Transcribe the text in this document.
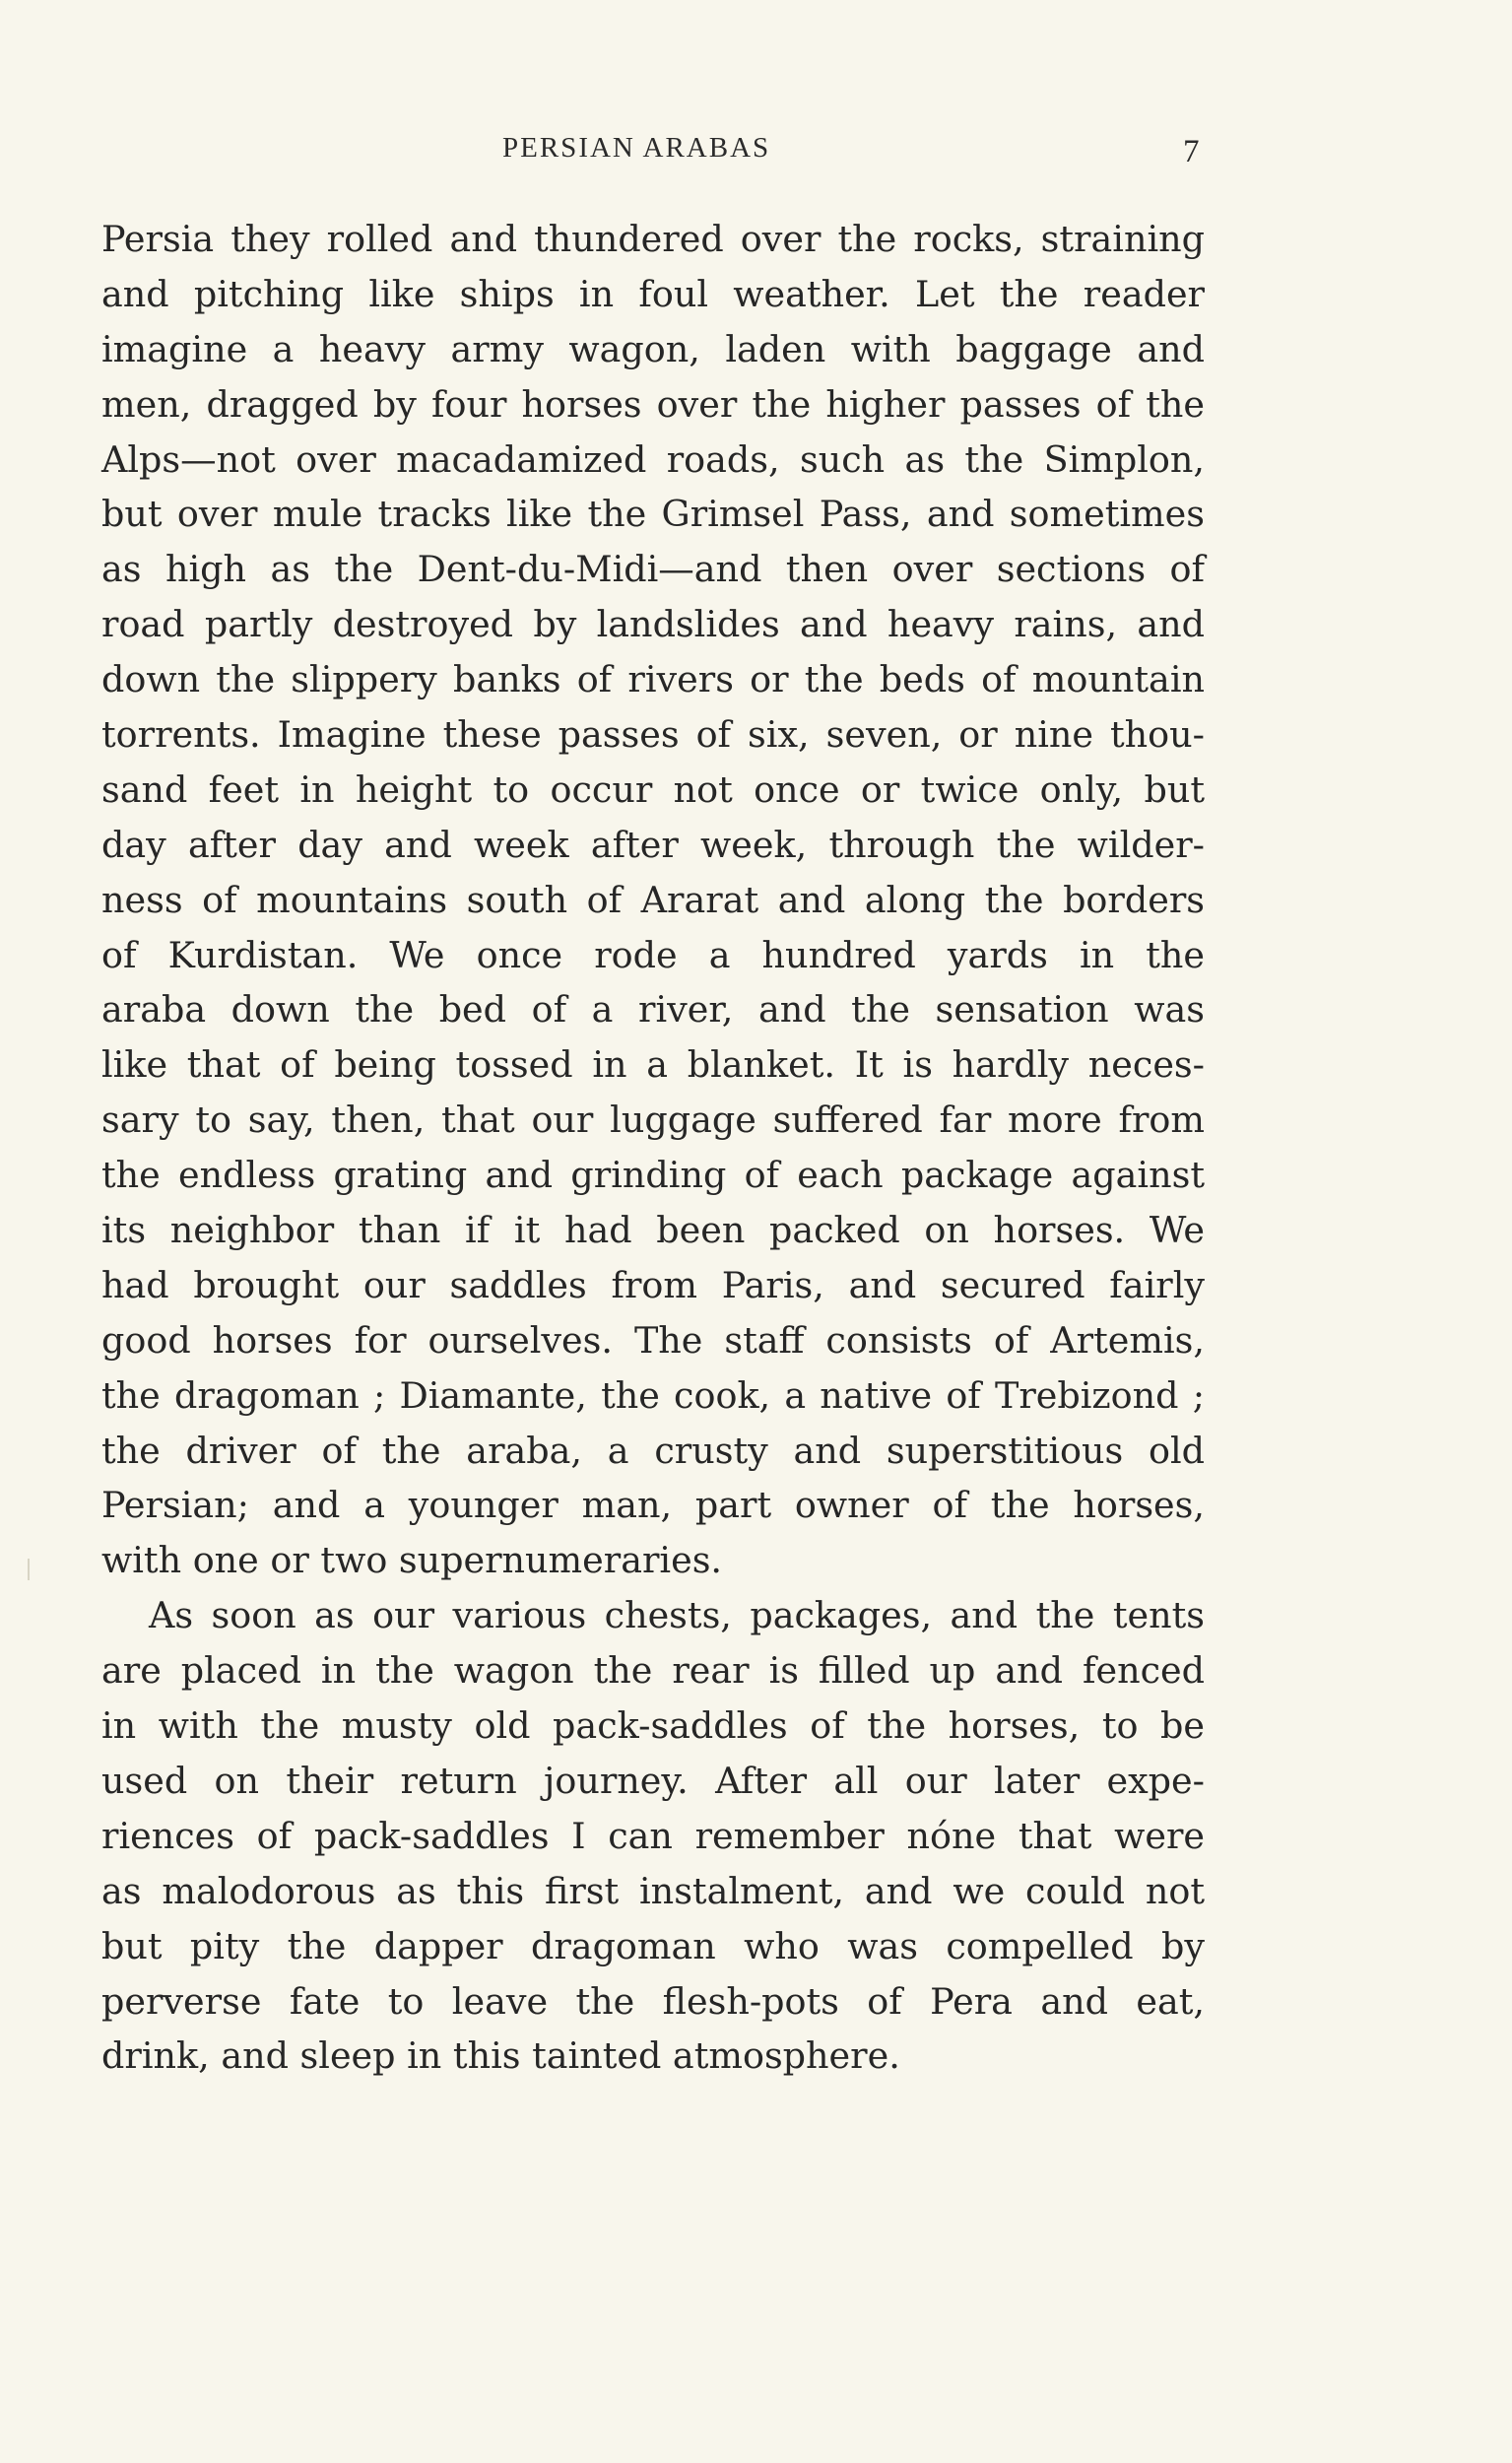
PERSIAN ARABAS	7
Persia they rolled and thundered over the rocks, straining
and pitching like ships in foul weather. Let the reader
imagine a heavy army wagon, laden with baggage and
men, dragged by four horses over the higher passes of the
Alps—not over macadamized roads, such as the Simplon,
but over mule tracks like the Grimsel Pass, and sometimes
as high as the Dent-du-Midi—and then over sections of
road partly destroyed by landslides and heavy rains, and
down the slippery banks of rivers or the beds of mountain
torrents. Imagine these passes of six, seven, or nine thou-
sand feet in height to occur not once or twice only, but
day after day and week after week, through the wilder-
ness of mountains south of Ararat and along the borders
of Kurdistan. We once rode a hundred yards in the
araba down the bed of a river, and the sensation was
like that of being tossed in a blanket. It is hardly neces-
sary to say, then, that our luggage suffered far more from
the endless grating and grinding of each package against
its neighbor than if it had been packed on horses. We
had brought our saddles from Paris, and secured fairly
good horses for ourselves. The staff consists of Artemis,
the dragoman ; Diamante, the cook, a native of Trebizond ;
the driver of the araba, a crusty and superstitious old
Persian; and a younger man, part owner of the horses,
with one or two supernumeraries.
As soon as our various chests, packages, and the tents
are placed in the wagon the rear is filled up and fenced
in with the musty old pack-saddles of the horses, to be
used on their return journey. After all our later expe-
riences of pack-saddles I can remember nóne that were
as malodorous as this first instalment, and we could not
but pity the dapper dragoman who was compelled by
perverse fate to leave the flesh-pots of Pera and eat,
drink, and sleep in this tainted atmosphere.
